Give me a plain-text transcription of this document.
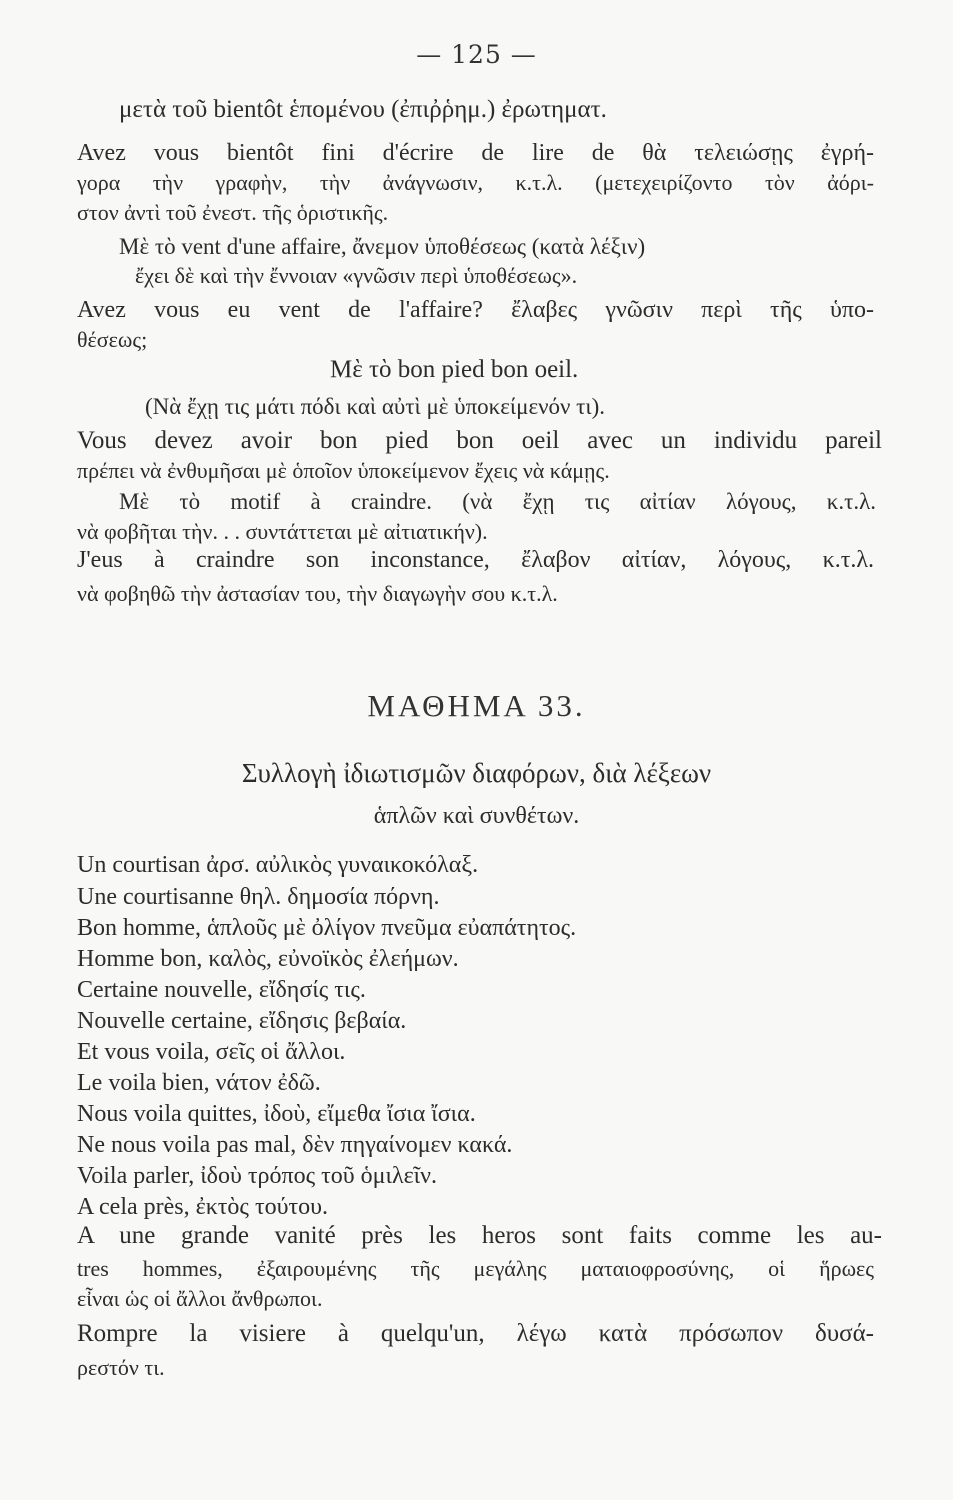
— 125 —
μετὰ τοῦ bientôt ἑπομένου (ἐπιῤῥημ.) ἐρωτηματ.
Avez vous bientôt fini d'écrire de lire de θὰ τελειώσῃς ἐγρή-
γορα τὴν γραφὴν, τὴν ἀνάγνωσιν, κ.τ.λ. (μετεχειρίζοντο τὸν ἀόρι-
στον ἀντὶ τοῦ ἐνεστ. τῆς ὁριστικῆς.
Μὲ τὸ vent d'une affaire, ἄνεμον ὑποθέσεως (κατὰ λέξιν)
ἔχει δὲ καὶ τὴν ἔννοιαν «γνῶσιν περὶ ὑποθέσεως».
Avez vous eu vent de l'affaire? ἔλαβες γνῶσιν περὶ τῆς ὑπο-
θέσεως;
Μὲ τὸ bon pied bon oeil.
(Νὰ ἔχῃ τις μάτι πόδι καὶ αὐτὶ μὲ ὑποκείμενόν τι).
Vous devez avoir bon pied bon oeil avec un individu pareil
πρέπει νὰ ἐνθυμῆσαι μὲ ὁποῖον ὑποκείμενον ἔχεις νὰ κάμῃς.
Μὲ τὸ motif à craindre. (νὰ ἔχῃ τις αἰτίαν λόγους, κ.τ.λ.
νὰ φοβῆται τὴν. . . συντάττεται μὲ αἰτιατικήν).
J'eus à craindre son inconstance, ἔλαβον αἰτίαν, λόγους, κ.τ.λ.
νὰ φοβηθῶ τὴν ἀστασίαν του, τὴν διαγωγὴν σου κ.τ.λ.
ΜΑΘΗΜΑ 33.
Συλλογὴ ἰδιωτισμῶν διαφόρων, διὰ λέξεων
ἁπλῶν καὶ συνθέτων.
Un courtisan ἀρσ. αὐλικὸς γυναικοκόλαξ.
Une courtisanne θηλ. δημοσία πόρνη.
Bon homme, ἁπλοῦς μὲ ὀλίγον πνεῦμα εὐαπάτητος.
Homme bon, καλὸς, εὐνοϊκὸς ἐλεήμων.
Certaine nouvelle, εἴδησίς τις.
Nouvelle certaine, εἴδησις βεβαία.
Et vous voila, σεῖς οἱ ἄλλοι.
Le voila bien, νάτον ἐδῶ.
Nous voila quittes, ἰδοὺ, εἴμεθα ἴσια ἴσια.
Ne nous voila pas mal, δὲν πηγαίνομεν κακά.
Voila parler, ἰδοὺ τρόπος τοῦ ὁμιλεῖν.
A cela près, ἐκτὸς τούτου.
A une grande vanité près les heros sont faits comme les au-
tres hommes, ἐξαιρουμένης τῆς μεγάλης ματαιοφροσύνης, οἱ ἥρωες
εἶναι ὡς οἱ ἄλλοι ἄνθρωποι.
Rompre la visiere à quelqu'un, λέγω κατὰ πρόσωπον δυσά-
ρεστόν τι.
